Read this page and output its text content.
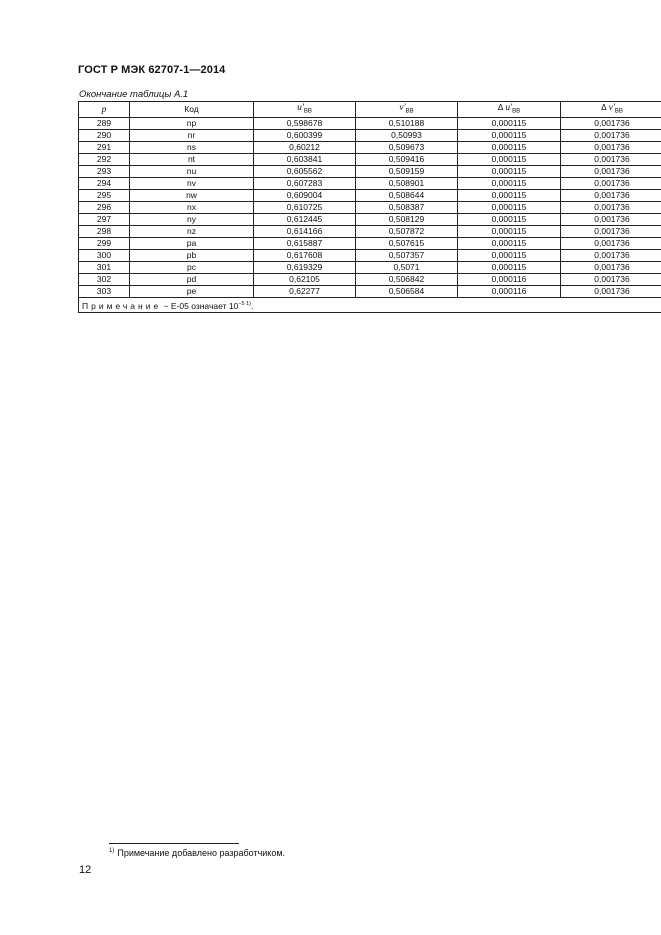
ГОСТ Р МЭК 62707-1—2014
Окончание таблицы А.1
p	Код	$u'_{BB}$	$v'_{BB}$	Δ $u'_{BB}$	Δ $v'_{BB}$
289	np	0,598678	0,510188	0,000115	0,001736
290	nr	0,600399	0,50993	0,000115	0,001736
291	ns	0,60212	0,509673	0,000115	0,001736
292	nt	0,603841	0,509416	0,000115	0,001736
293	nu	0,605562	0,509159	0,000115	0,001736
294	nv	0,607283	0,508901	0,000115	0,001736
295	nw	0,609004	0,508644	0,000115	0,001736
296	nx	0,610725	0,508387	0,000115	0,001736
297	ny	0,612445	0,508129	0,000115	0,001736
298	nz	0,614166	0,507872	0,000115	0,001736
299	pa	0,615887	0,507615	0,000115	0,001736
300	pb	0,617608	0,507357	0,000115	0,001736
301	pc	0,619329	0,5071	0,000115	0,001736
302	pd	0,62105	0,506842	0,000116	0,001736
303	pe	0,62277	0,506584	0,000116	0,001736
Примечание − E-05 означает $10^{-5 1)}$.					
$^{1)}$ Примечание добавлено разработчиком.
12
